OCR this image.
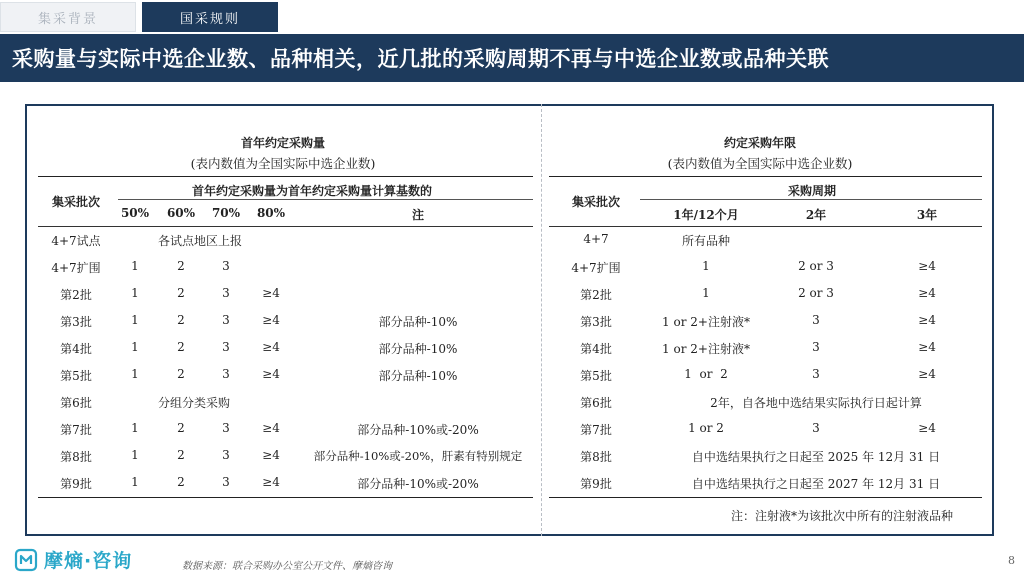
集采背景	国采规则
采购量与实际中选企业数、品种相关，近几批的采购周期不再与中选企业数或品种关联
首年约定采购量
(表内数值为全国实际中选企业数)
集采批次
首年约定采购量为首年约定采购量计算基数的
50% 60% 70% 80%	注
4+7试点	各试点地区上报
4+7扩围	1	2	3
第2批	1	2	3	≥4
第3批	1	2	3	≥4	部分品种-10%
第4批	1	2	3	≥4	部分品种-10%
第5批	1	2	3	≥4	部分品种-10%
第6批	分组分类采购
第7批	1	2	3	≥4	部分品种-10%或-20%
第8批	1	2	3	≥4	部分品种-10%或-20%，肝素有特别规定
第9批	1	2	3	≥4	部分品种-10%或-20%
约定采购年限
(表内数值为全国实际中选企业数)
集采批次
采购周期
1年/12个月	2年	3年
4+7	所有品种
4+7扩围	1	2 or 3	≥4
第2批	1	2 or 3	≥4
第3批	1 or 2+注射液*	3	≥4
第4批	1 or 2+注射液*	3	≥4
第5批	1  or  2	3	≥4
第6批	2年，自各地中选结果实际执行日起计算
第7批	1 or 2	3	≥4
第8批	自中选结果执行之日起至 2025 年 12月 31 日
第9批	自中选结果执行之日起至 2027 年 12月 31 日
注：注射液*为该批次中所有的注射液品种
摩熵·咨询	数据来源：联合采购办公室公开文件、摩熵咨询	8
